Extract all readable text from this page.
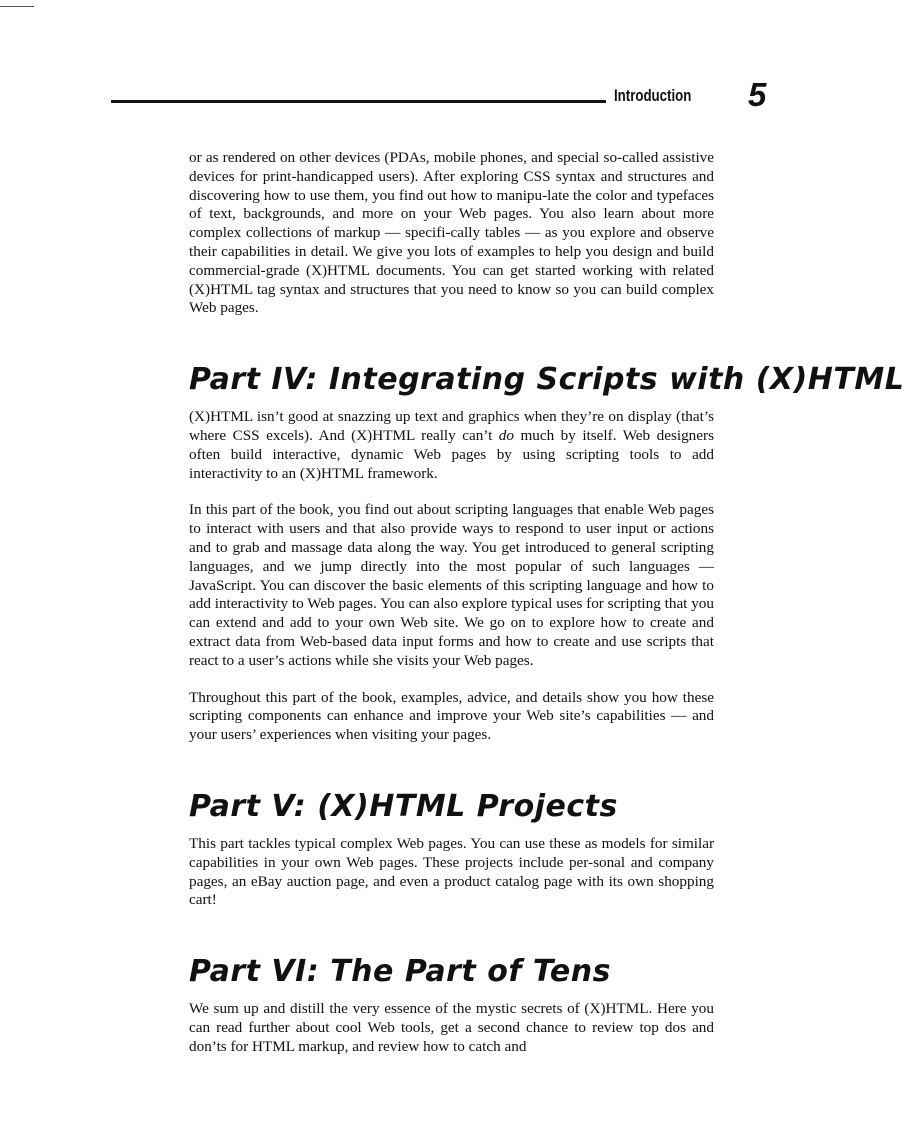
Introduction 5

or as rendered on other devices (PDAs, mobile phones, and special so-called assistive devices for print-handicapped users). After exploring CSS syntax and structures and discovering how to use them, you find out how to manipu-late the color and typefaces of text, backgrounds, and more on your Web pages. You also learn about more complex collections of markup — specifi-cally tables — as you explore and observe their capabilities in detail. We give you lots of examples to help you design and build commercial-grade (X)HTML documents. You can get started working with related (X)HTML tag syntax and structures that you need to know so you can build complex Web pages.

Part IV: Integrating Scripts with (X)HTML

(X)HTML isn’t good at snazzing up text and graphics when they’re on display (that’s where CSS excels). And (X)HTML really can’t do much by itself. Web designers often build interactive, dynamic Web pages by using scripting tools to add interactivity to an (X)HTML framework.

In this part of the book, you find out about scripting languages that enable Web pages to interact with users and that also provide ways to respond to user input or actions and to grab and massage data along the way. You get introduced to general scripting languages, and we jump directly into the most popular of such languages — JavaScript. You can discover the basic elements of this scripting language and how to add interactivity to Web pages. You can also explore typical uses for scripting that you can extend and add to your own Web site. We go on to explore how to create and extract data from Web-based data input forms and how to create and use scripts that react to a user’s actions while she visits your Web pages.

Throughout this part of the book, examples, advice, and details show you how these scripting components can enhance and improve your Web site’s capabilities — and your users’ experiences when visiting your pages.

Part V: (X)HTML Projects

This part tackles typical complex Web pages. You can use these as models for similar capabilities in your own Web pages. These projects include per-sonal and company pages, an eBay auction page, and even a product catalog page with its own shopping cart!

Part VI: The Part of Tens

We sum up and distill the very essence of the mystic secrets of (X)HTML. Here you can read further about cool Web tools, get a second chance to review top dos and don’ts for HTML markup, and review how to catch and
